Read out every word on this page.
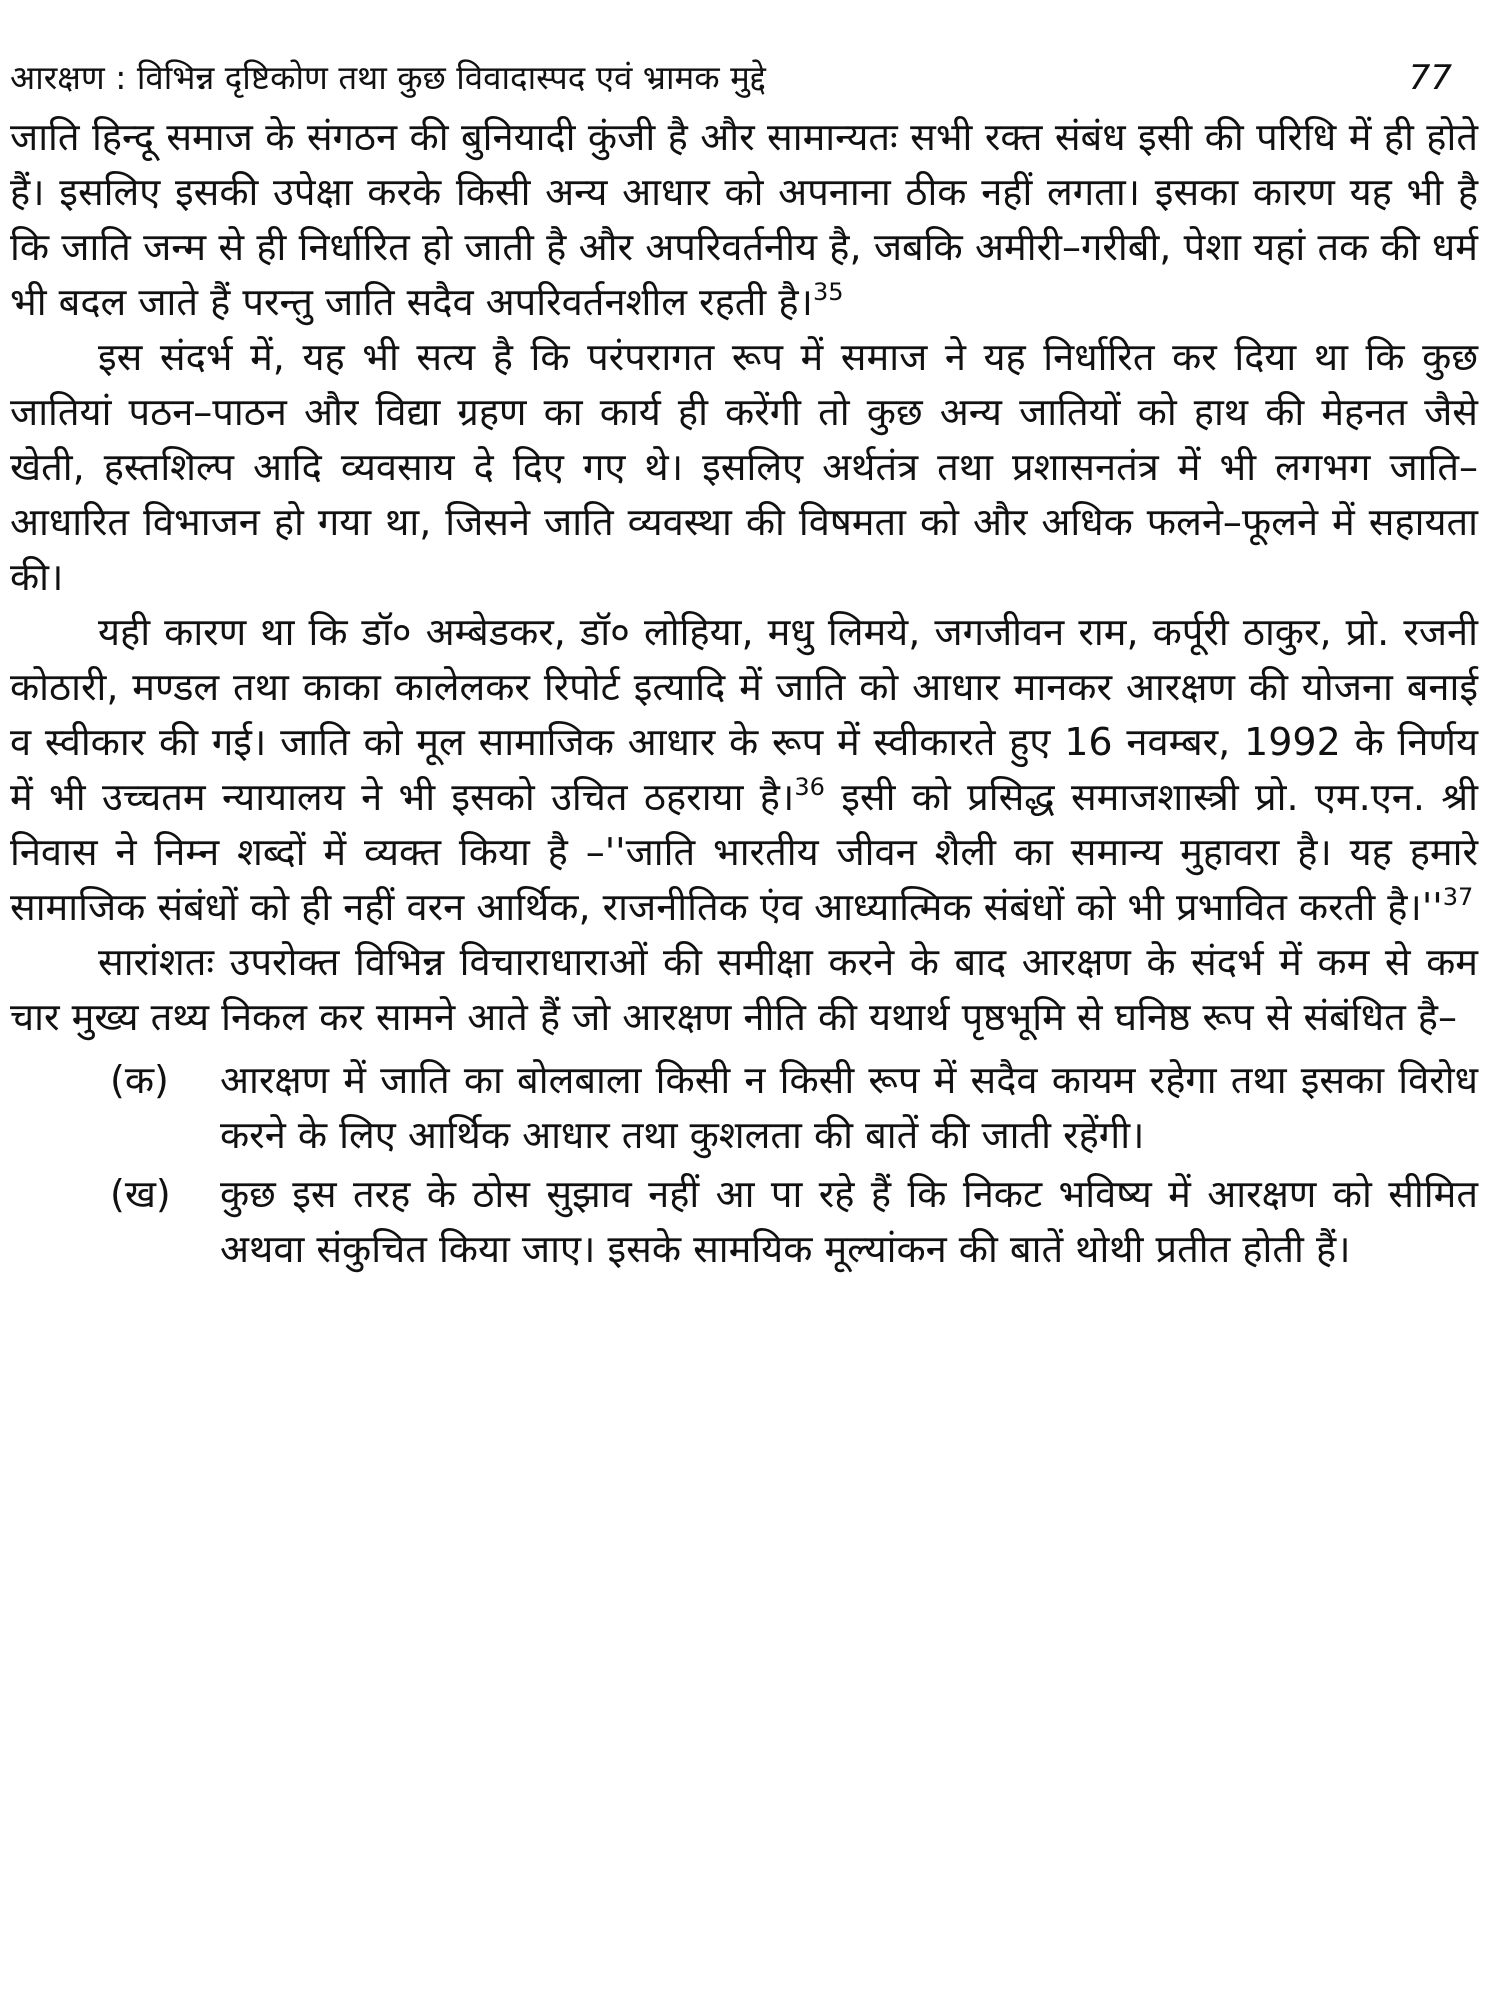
आरक्षण : विभिन्न दृष्टिकोण तथा कुछ विवादास्पद एवं भ्रामक मुद्दे	77

जाति हिन्दू समाज के संगठन की बुनियादी कुंजी है और सामान्यतः सभी रक्त संबंध इसी की परिधि में ही होते हैं। इसलिए इसकी उपेक्षा करके किसी अन्य आधार को अपनाना ठीक नहीं लगता। इसका कारण यह भी है कि जाति जन्म से ही निर्धारित हो जाती है और अपरिवर्तनीय है, जबकि अमीरी–गरीबी, पेशा यहां तक की धर्म भी बदल जाते हैं परन्तु जाति सदैव अपरिवर्तनशील रहती है।$^{35}$

इस संदर्भ में, यह भी सत्य है कि परंपरागत रूप में समाज ने यह निर्धारित कर दिया था कि कुछ जातियां पठन–पाठन और विद्या ग्रहण का कार्य ही करेंगी तो कुछ अन्य जातियों को हाथ की मेहनत जैसे खेती, हस्तशिल्प आदि व्यवसाय दे दिए गए थे। इसलिए अर्थतंत्र तथा प्रशासनतंत्र में भी लगभग जाति–आधारित विभाजन हो गया था, जिसने जाति व्यवस्था की विषमता को और अधिक फलने–फूलने में सहायता की।

यही कारण था कि डॉ० अम्बेडकर, डॉ० लोहिया, मधु लिमये, जगजीवन राम, कर्पूरी ठाकुर, प्रो. रजनी कोठारी, मण्डल तथा काका कालेलकर रिपोर्ट इत्यादि में जाति को आधार मानकर आरक्षण की योजना बनाई व स्वीकार की गई। जाति को मूल सामाजिक आधार के रूप में स्वीकारते हुए 16 नवम्बर, 1992 के निर्णय में भी उच्चतम न्यायालय ने भी इसको उचित ठहराया है।$^{36}$ इसी को प्रसिद्ध समाजशास्त्री प्रो. एम.एन. श्री निवास ने निम्न शब्दों में व्यक्त किया है –''जाति भारतीय जीवन शैली का समान्य मुहावरा है। यह हमारे सामाजिक संबंधों को ही नहीं वरन आर्थिक, राजनीतिक एंव आध्यात्मिक संबंधों को भी प्रभावित करती $है।''^{37}$

सारांशतः उपरोक्त विभिन्न विचाराधाराओं की समीक्षा करने के बाद आरक्षण के संदर्भ में कम से कम चार मुख्य तथ्य निकल कर सामने आते हैं जो आरक्षण नीति की यथार्थ पृष्ठभूमि से घनिष्ठ रूप से संबंधित है–

(क) आरक्षण में जाति का बोलबाला किसी न किसी रूप में सदैव कायम रहेगा तथा इसका विरोध करने के लिए आर्थिक आधार तथा कुशलता की बातें की जाती रहेंगी।
(ख) कुछ इस तरह के ठोस सुझाव नहीं आ पा रहे हैं कि निकट भविष्य में आरक्षण को सीमित अथवा संकुचित किया जाए। इसके सामयिक मूल्यांकन की बातें थोथी प्रतीत होती हैं।
